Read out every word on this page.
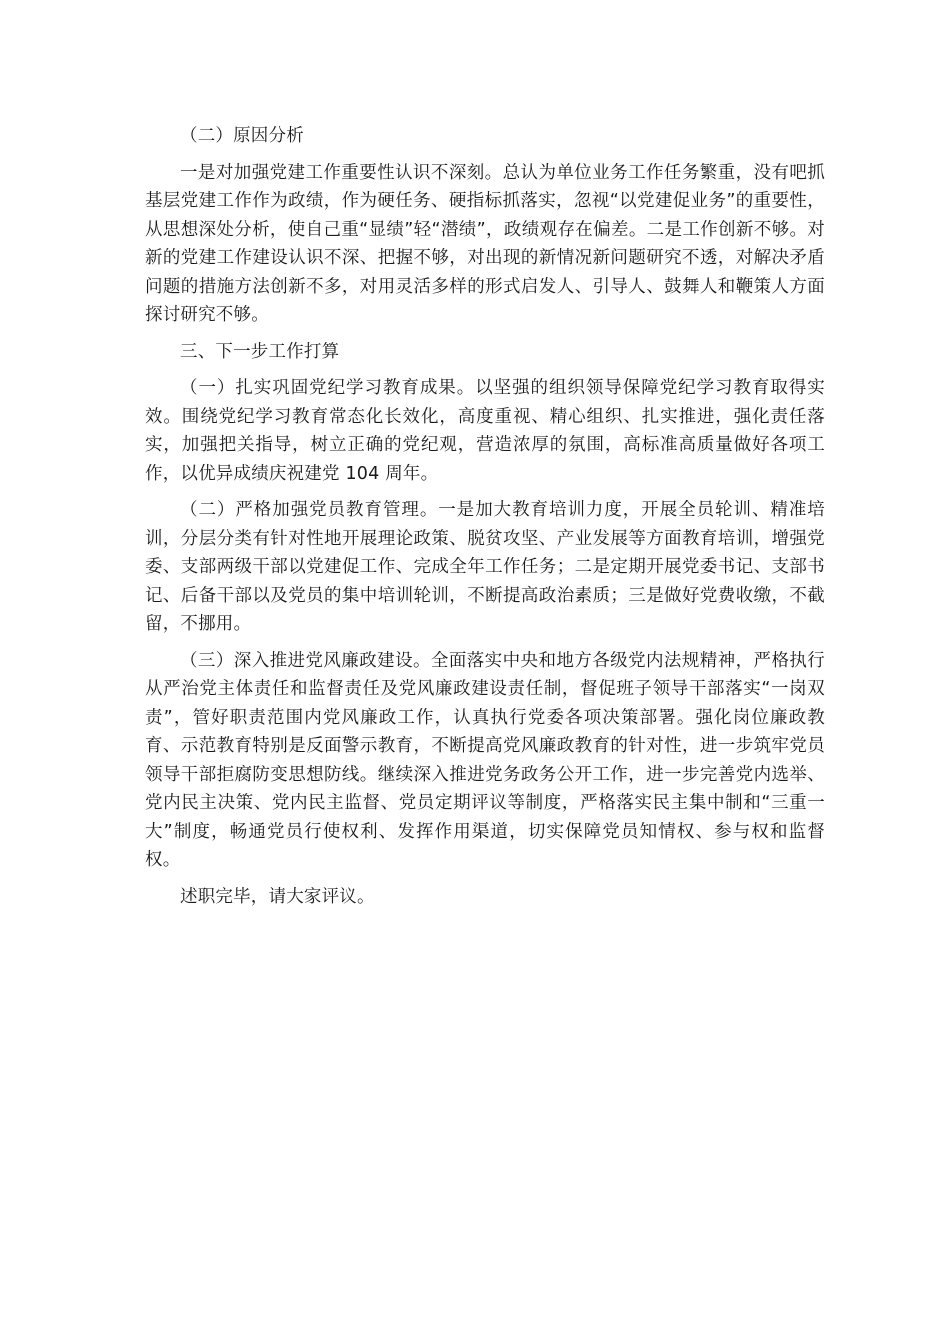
（二）原因分析

一是对加强党建工作重要性认识不深刻。总认为单位业务工作任务繁重，没有吧抓基层党建工作作为政绩，作为硬任务、硬指标抓落实，忽视“以党建促业务”的重要性，从思想深处分析，使自己重“显绩”轻“潜绩”，政绩观存在偏差。二是工作创新不够。对新的党建工作建设认识不深、把握不够，对出现的新情况新问题研究不透，对解决矛盾问题的措施方法创新不多，对用灵活多样的形式启发人、引导人、鼓舞人和鞭策人方面探讨研究不够。

三、下一步工作打算

（一）扎实巩固党纪学习教育成果。以坚强的组织领导保障党纪学习教育取得实效。围绕党纪学习教育常态化长效化，高度重视、精心组织、扎实推进，强化责任落实，加强把关指导，树立正确的党纪观，营造浓厚的氛围，高标准高质量做好各项工作，以优异成绩庆祝建党 104 周年。

（二）严格加强党员教育管理。一是加大教育培训力度，开展全员轮训、精准培训，分层分类有针对性地开展理论政策、脱贫攻坚、产业发展等方面教育培训，增强党委、支部两级干部以党建促工作、完成全年工作任务；二是定期开展党委书记、支部书记、后备干部以及党员的集中培训轮训，不断提高政治素质；三是做好党费收缴，不截留，不挪用。

（三）深入推进党风廉政建设。全面落实中央和地方各级党内法规精神，严格执行从严治党主体责任和监督责任及党风廉政建设责任制，督促班子领导干部落实“一岗双责”，管好职责范围内党风廉政工作，认真执行党委各项决策部署。强化岗位廉政教育、示范教育特别是反面警示教育，不断提高党风廉政教育的针对性，进一步筑牢党员领导干部拒腐防变思想防线。继续深入推进党务政务公开工作，进一步完善党内选举、党内民主决策、党内民主监督、党员定期评议等制度，严格落实民主集中制和“三重一大”制度，畅通党员行使权利、发挥作用渠道，切实保障党员知情权、参与权和监督权。

述职完毕，请大家评议。
